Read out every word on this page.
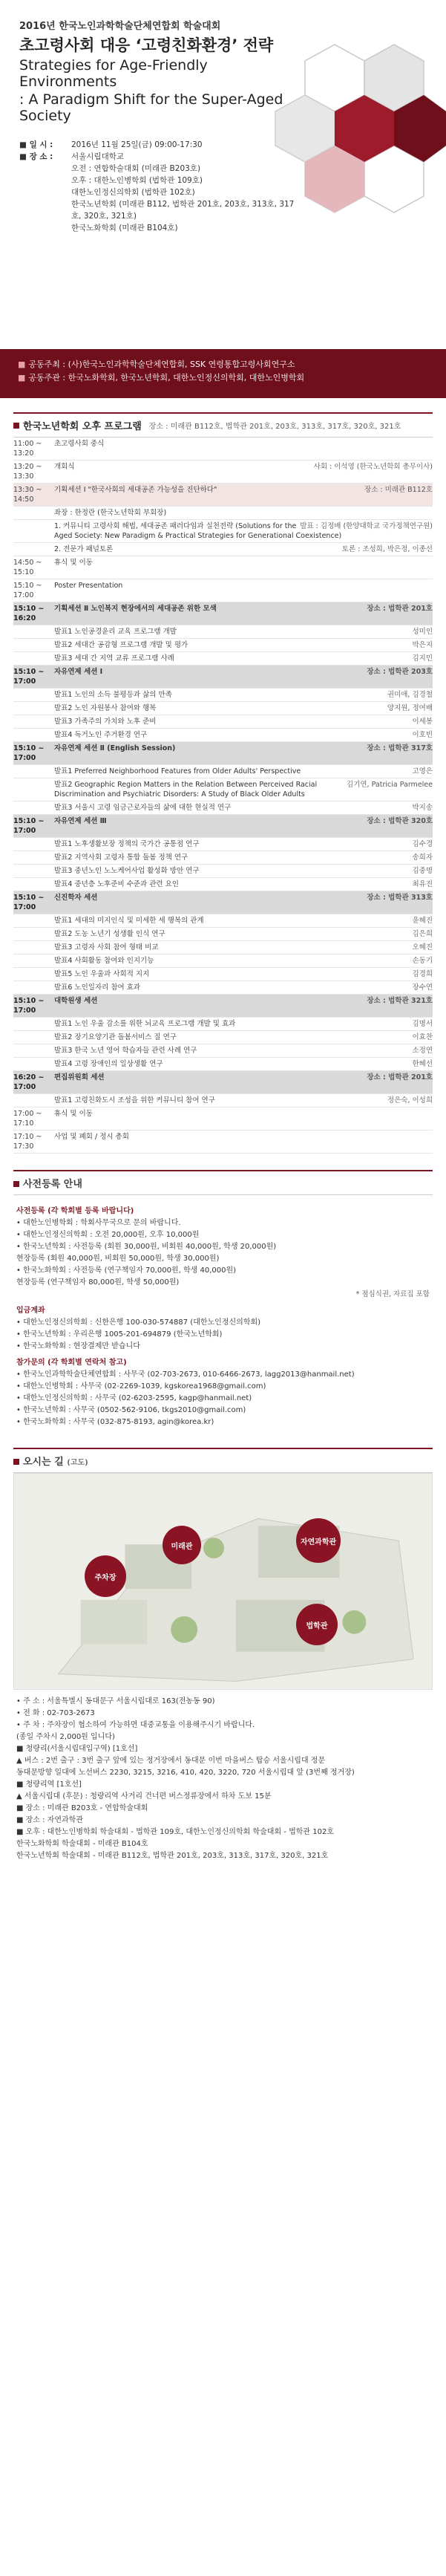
2016년 한국노인과학학술단체연합회 학술대회
초고령사회 대응 ‘고령친화환경’ 전략
Strategies for Age-Friendly Environments
: A Paradigm Shift for the Super-Aged Society
■ 일 시 :	2016년 11월 25일(금) 09:00-17:30
■ 장 소 :	서울시립대학교
오전 : 연합학술대회 (미래관 B203호)
오후 : 대한노인병학회 (법학관 109호)
대한노인정신의학회 (법학관 102호)
한국노년학회 (미래관 B112, 법학관 201호, 203호, 313호, 317호, 320호, 321호)
한국노화학회 (미래관 B104호)
■ 공동주최 : (사)한국노인과학학술단체연합회, SSK 연령통합고령사회연구소
■ 공동주관 : 한국노화학회, 한국노년학회, 대한노인정신의학회, 대한노인병학회
한국노년학회 오후 프로그램 장소 : 미래관 B112호, 법학관 201호, 203호, 313호, 317호, 320호, 321호
11:00 ~ 13:20
초고령사회 중식
13:20 ~ 13:30
사회 : 이석영 (한국노년학회 총무이사)
개회식
13:30 ~ 14:50
장소 : 미래관 B112호
기획세션 Ⅰ "한국사회의 세대공존 가능성을 진단하다"
좌장 : 한정란 (한국노년학회 부회장)
발표 : 김정배 (한양대학교 국가정책연구원)
1. 커뮤니티 고령사회 해법, 세대공존 패러다임과 실천전략 (Solutions for the Aged Society: New Paradigm & Practical Strategies for Generational Coexistence)
토론 : 조성희, 박은정, 이종선
2. 전문가 패널토론
14:50 ~ 15:10
휴식 및 이동
15:10 ~ 17:00
Poster Presentation
15:10 ~ 16:20
장소 : 법학관 201호
기획세션 Ⅱ 노인복지 현장에서의 세대공존 위한 모색
성미인
발표1 노인공경윤리 교육 프로그램 개발
박은지
발표2 세대간 공감형 프로그램 개발 및 평가
김지민
발표3 세대 간 지역 교류 프로그램 사례
15:10 ~ 17:00
장소 : 법학관 203호
자유연제 세션 Ⅰ
권미애, 김경철
발표1 노인의 소득 불평등과 삶의 만족
양지원, 정여배
발표2 노인 자원봉사 참여와 행복
이세봉
발표3 가족주의 가치와 노후 준비
이호빈
발표4 독거노인 주거환경 연구
15:10 ~ 17:00
장소 : 법학관 317호
자유연제 세션 Ⅱ (English Session)
고영은
발표1 Preferred Neighborhood Features from Older Adults' Perspective
김기연, Patricia Parmelee
발표2 Geographic Region Matters in the Relation Between Perceived Racial Discrimination and Psychiatric Disorders: A Study of Black Older Adults
박지송
발표3 서울시 고령 임금근로자들의 삶에 대한 현실적 연구
15:10 ~ 17:00
장소 : 법학관 320호
자유연제 세션 Ⅲ
김수경
발표1 노후생활보장 정책의 국가간 공통점 연구
송희자
발표2 지역사회 고령자 통합 돌봄 정책 연구
김중명
발표3 중년노인 노노케어사업 활성화 방안 연구
최유진
발표4 중년층 노후준비 수준과 관련 요인
15:10 ~ 17:00
장소 : 법학관 313호
신진학자 세션
윤혜진
발표1 세대의 미지인식 및 미세한 세 행복의 관계
김은희
발표2 도농 노년기 성생활 인식 연구
오혜진
발표3 고령자 사회 참여 형태 비교
손동기
발표4 사회활동 참여와 인지기능
김경희
발표5 노인 우울과 사회적 지지
장수연
발표6 노인일자리 참여 효과
15:10 ~ 17:00
장소 : 법학관 321호
대학원생 세션
김명서
발표1 노인 우울 감소를 위한 뇌교육 프로그램 개발 및 효과
이효찬
발표2 장기요양기관 돌봄서비스 질 연구
소정연
발표3 한국 노년 영어 학습자들 관련 사례 연구
한혜선
발표4 고령 장애인의 일상생활 연구
16:20 ~ 17:00
장소 : 법학관 201호
편집위원회 세션
정은숙, 이성희
발표1 고령친화도시 조성을 위한 커뮤니티 참여 연구
17:00 ~ 17:10
휴식 및 이동
17:10 ~ 17:30
사업 및 폐회 / 정시 총회
사전등록 안내
사전등록 (각 학회별 등록 바랍니다)
• 대한노인병학회 : 학회사무국으로 문의 바랍니다.
• 대한노인정신의학회 : 오전 20,000원, 오후 10,000원
• 한국노년학회 : 사전등록 (회원 30,000원, 비회원 40,000원, 학생 20,000원)
현장등록 (회원 40,000원, 비회원 50,000원, 학생 30,000원)
• 한국노화학회 : 사전등록 (연구책임자 70,000원, 학생 40,000원)
현장등록 (연구책임자 80,000원, 학생 50,000원)
* 점심식권, 자료집 포함
입금계좌
• 대한노인정신의학회 : 신한은행 100-030-574887 (대한노인정신의학회)
• 한국노년학회 : 우리은행 1005-201-694879 (한국노년학회)
• 한국노화학회 : 현장결제만 받습니다
참가문의 (각 학회별 연락처 참고)
• 한국노인과학학술단체연합회 : 사무국 (02-703-2673, 010-6466-2673, lagg2013@hanmail.net)
• 대한노인병학회 : 사무국 (02-2269-1039, kgskorea1968@gmail.com)
• 대한노인정신의학회 : 사무국 (02-6203-2595, kagp@hanmail.net)
• 한국노년학회 : 사무국 (0502-562-9106, tkgs2010@gmail.com)
• 한국노화학회 : 사무국 (032-875-8193, agin@korea.kr)
오시는 길 (고도)
미래관
자연과학관
주차장
법학관
• 주 소 : 서울특별시 동대문구 서울시립대로 163(전농동 90)
• 전 화 : 02-703-2673
• 주 차 : 주차장이 협소하여 가능하면 대중교통을 이용해주시기 바랍니다.
(종일 주차시 2,000원 입니다)
■ 청량리(서울시립대입구역) [1호선]
▲ 버스 : 2번 출구 : 3번 출구 앞에 있는 정거장에서 동대문 이번 마을버스 탑승 서울시립대 정문
동대문방향 일대에 노선버스 2230, 3215, 3216, 410, 420, 3220, 720 서울시립대 앞 (3번째 정거장)
■ 청량리역 [1호선]
▲ 서울시립대 (후문) : 청량리역 사거리 건너편 버스정류장에서 하차 도보 15분
■ 장소 : 미래관 B203호 - 연합학술대회
■ 장소 : 자연과학관
■ 오후 : 대한노인병학회 학술대회 - 법학관 109호, 대한노인정신의학회 학술대회 - 법학관 102호
한국노화학회 학술대회 - 미래관 B104호
한국노년학회 학술대회 - 미래관 B112호, 법학관 201호, 203호, 313호, 317호, 320호, 321호
